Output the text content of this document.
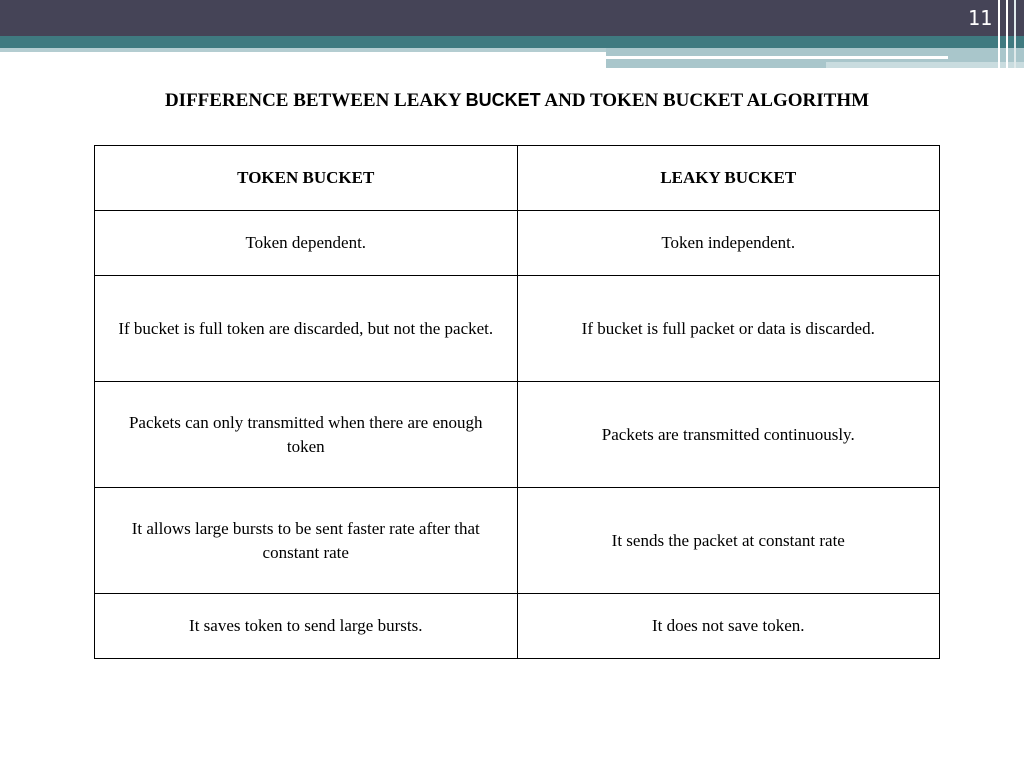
11
DIFFERENCE BETWEEN LEAKY BUCKET AND TOKEN BUCKET ALGORITHM
TOKEN BUCKET	LEAKY BUCKET
Token dependent.	Token independent.
If bucket is full token are discarded, but not the packet.	If bucket is full packet or data is discarded.
Packets can only transmitted when there are enough token	Packets are transmitted continuously.
It allows large bursts to be sent faster rate after that constant rate	It sends the packet at constant rate
It saves token to send large bursts.	It does not save token.
